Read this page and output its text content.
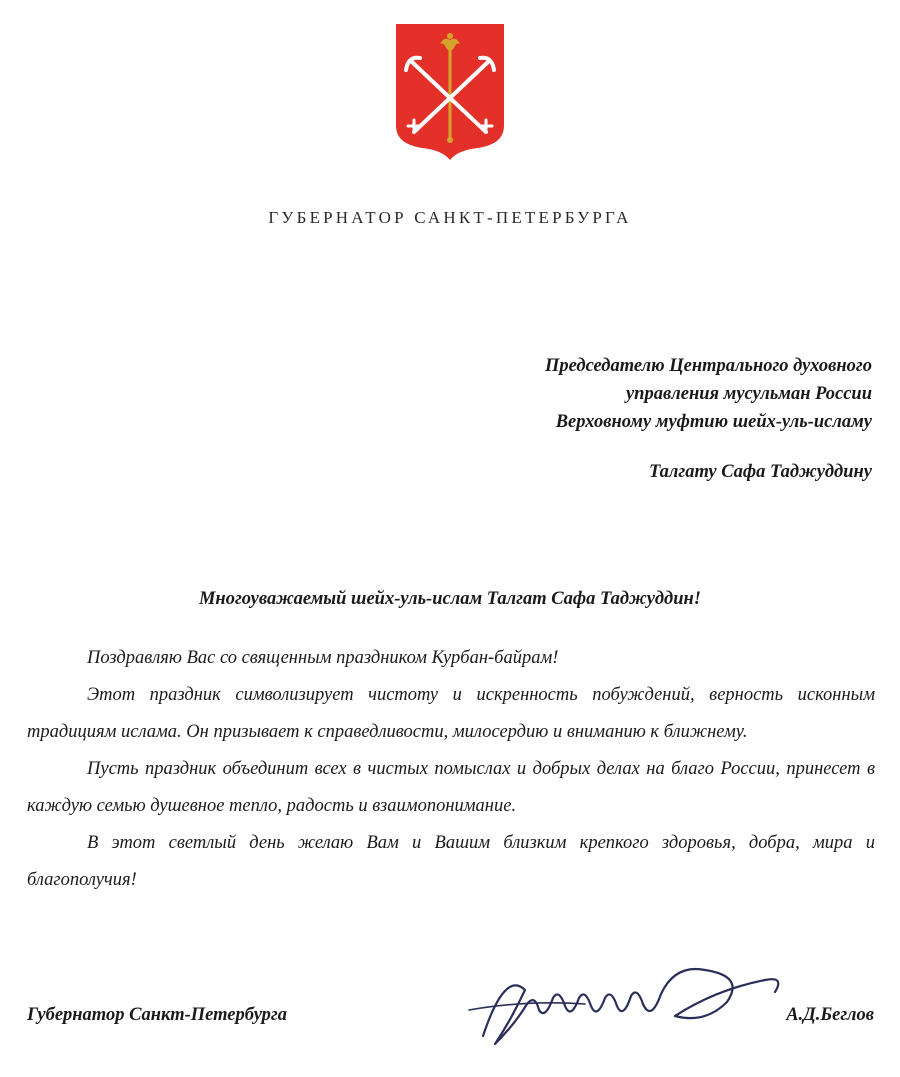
ГУБЕРНАТОР САНКТ-ПЕТЕРБУРГА
Председателю Центрального духовного
управления мусульман России
Верховному муфтию шейх-уль-исламу
Талгату Сафа Таджуддину
Многоуважаемый шейх-уль-ислам Талгат Сафа Таджуддин!

Поздравляю Вас со священным праздником Курбан-байрам!

Этот праздник символизирует чистоту и искренность побуждений, верность исконным традициям ислама. Он призывает к справедливости, милосердию и вниманию к ближнему.

Пусть праздник объединит всех в чистых помыслах и добрых делах на благо России, принесет в каждую семью душевное тепло, радость и взаимопонимание.

В этот светлый день желаю Вам и Вашим близким крепкого здоровья, добра, мира и благополучия!

Губернатор Санкт-Петербурга	А.Д.Беглов
